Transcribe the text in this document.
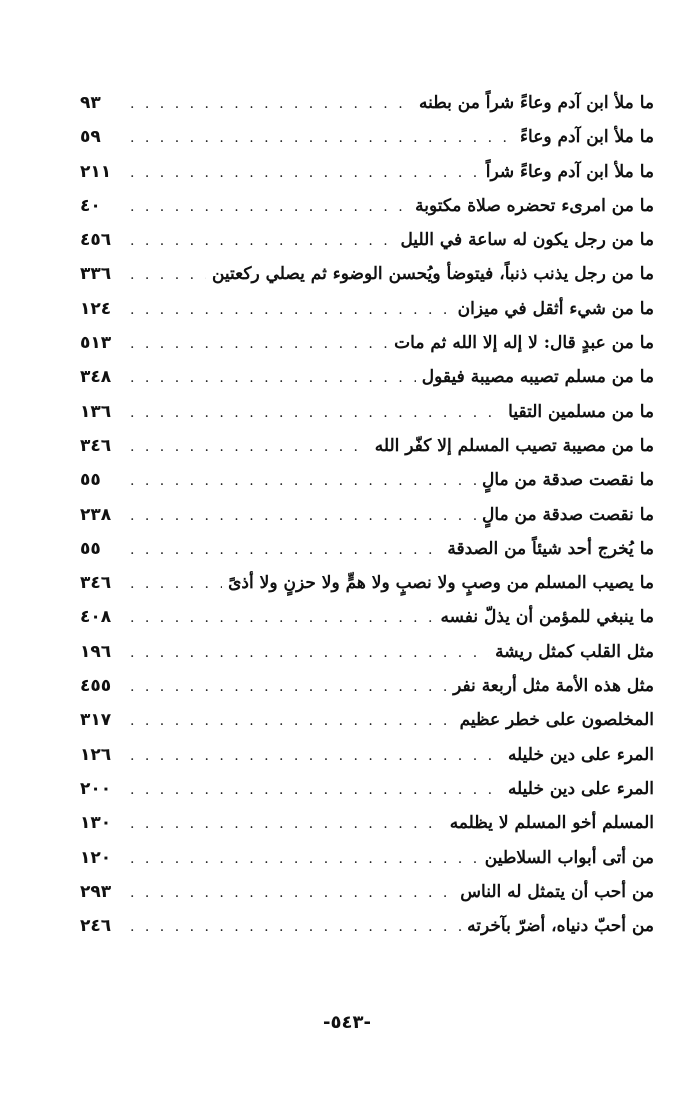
ما ملأ ابن آدم وعاءً شراً من بطنه
. . .
٩٣
ما ملأ ابن آدم وعاءً
. . .
٥٩
ما ملأ ابن آدم وعاءً شراً
. . .
٢١١
ما من امرىء تحضره صلاة مكتوبة
. . .
٤٠
ما من رجل يكون له ساعة في الليل
. . .
٤٥٦
ما من رجل يذنب ذنباً، فيتوضأ ويُحسن الوضوء ثم يصلي ركعتين
. . .
٣٣٦
ما من شيء أثقل في ميزان
. . .
١٢٤
ما من عبدٍ قال: لا إله إلا الله ثم مات
. . .
٥١٣
ما من مسلم تصيبه مصيبة فيقول
. . .
٣٤٨
ما من مسلمين التقيا
. . .
١٣٦
ما من مصيبة تصيب المسلم إلا كفّر الله
. . .
٣٤٦
ما نقصت صدقة من مالٍ
. . .
٥٥
ما نقصت صدقة من مالٍ
. . .
٢٣٨
ما يُخرج أحد شيئاً من الصدقة
. . .
٥٥
ما يصيب المسلم من وصبٍ ولا نصبٍ ولا همٍّ ولا حزنٍ ولا أذىً
. . .
٣٤٦
ما ينبغي للمؤمن أن يذلّ نفسه
. . .
٤٠٨
مثل القلب كمثل ريشة
. . .
١٩٦
مثل هذه الأمة مثل أربعة نفر
. . .
٤٥٥
المخلصون على خطر عظيم
. . .
٣١٧
المرء على دين خليله
. . .
١٢٦
المرء على دين خليله
. . .
٢٠٠
المسلم أخو المسلم لا يظلمه
. . .
١٣٠
من أتى أبواب السلاطين
. . .
١٢٠
من أحب أن يتمثل له الناس
. . .
٢٩٣
من أحبّ دنياه، أضرّ بآخرته
. . .
٢٤٦
-٥٤٣-
